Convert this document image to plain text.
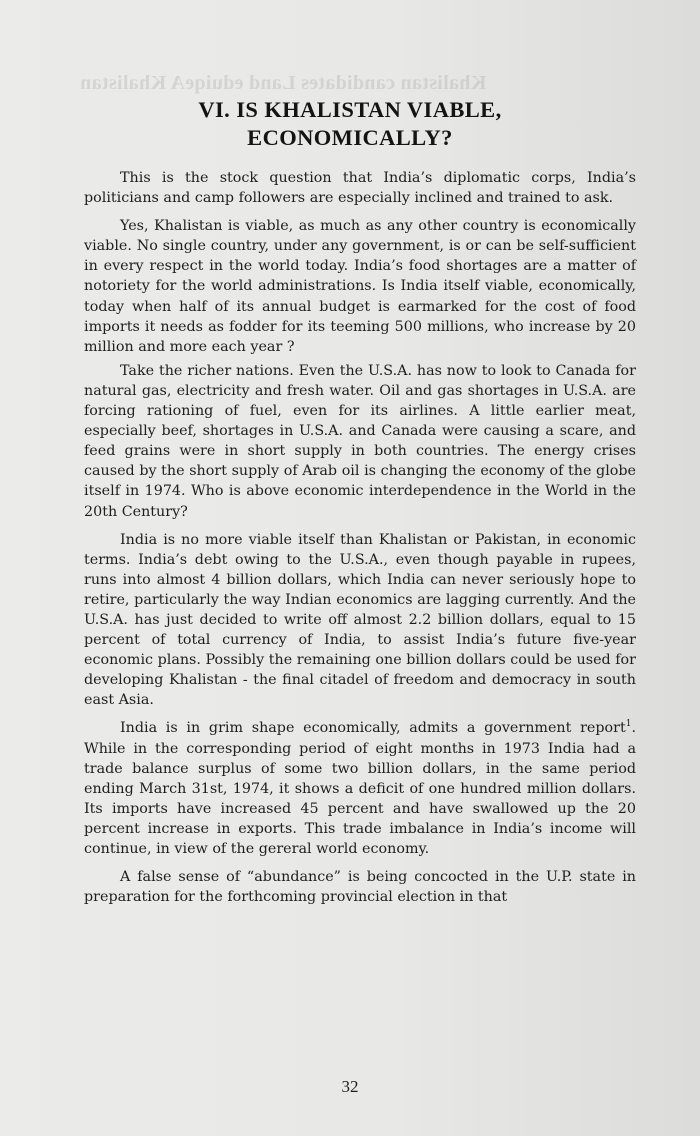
Khalistan candidates Land eduiqeA Khalistan
VI. IS KHALISTAN VIABLE,
ECONOMICALLY?

This is the stock question that India’s diplomatic corps, India’s politicians and camp followers are especially inclined and trained to ask.

Yes, Khalistan is viable, as much as any other country is economically viable. No single country, under any government, is or can be self-sufficient in every respect in the world today. India’s food shortages are a matter of notoriety for the world administrations. Is India itself viable, economically, today when half of its annual budget is earmarked for the cost of food imports it needs as fodder for its teeming 500 millions, who increase by 20 million and more each year ?

Take the richer nations. Even the U.S.A. has now to look to Canada for natural gas, electricity and fresh water. Oil and gas shortages in U.S.A. are forcing rationing of fuel, even for its airlines. A little earlier meat, especially beef, shortages in U.S.A. and Canada were causing a scare, and feed grains were in short supply in both countries. The energy crises caused by the short supply of Arab oil is changing the economy of the globe itself in 1974. Who is above economic interdependence in the World in the 20th Century?

India is no more viable itself than Khalistan or Pakistan, in economic terms. India’s debt owing to the U.S.A., even though payable in rupees, runs into almost 4 billion dollars, which India can never seriously hope to retire, particularly the way Indian economics are lagging currently. And the U.S.A. has just decided to write off almost 2.2 billion dollars, equal to 15 percent of total currency of India, to assist India’s future five-year economic plans. Possibly the remaining one billion dollars could be used for developing Khalistan - the final citadel of freedom and democracy in south east Asia.

India is in grim shape economically, admits a government report$^1$. While in the corresponding period of eight months in 1973 India had a trade balance surplus of some two billion dollars, in the same period ending March 31st, 1974, it shows a deficit of one hundred million dollars. Its imports have increased 45 percent and have swallowed up the 20 percent increase in exports. This trade imbalance in India’s income will continue, in view of the gereral world economy.

A false sense of “abundance” is being concocted in the U.P. state in preparation for the forthcoming provincial election in that

32
